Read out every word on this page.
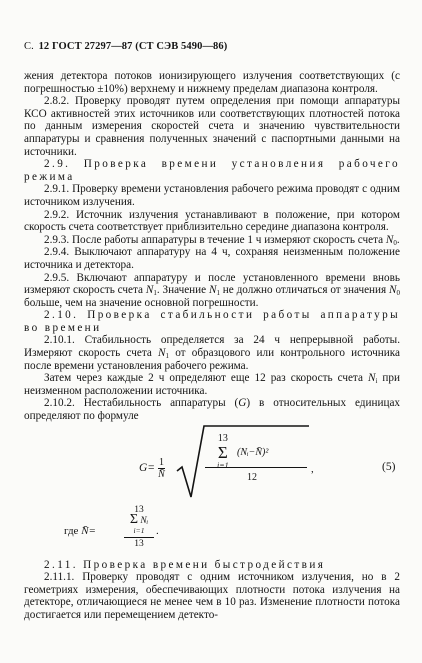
С. 12 ГОСТ 27297—87 (СТ СЭВ 5490—86)

жения детектора потоков ионизирующего излучения соответствующих (с погрешностью ±10%) верхнему и нижнему пределам диапазона контроля.

2.8.2. Проверку проводят путем определения при помощи аппаратуры КСО активностей этих источников или соответствующих плотностей потока по данным измерения скоростей счета и значению чувствительности аппаратуры и сравнения полученных значений с паспортными данными на источники.

2.9. Проверка времени установления рабочего режима

2.9.1. Проверку времени установления рабочего режима проводят с одним источником излучения.

2.9.2. Источник излучения устанавливают в положение, при котором скорость счета соответствует приблизительно середине диапазона контроля.

2.9.3. После работы аппаратуры в течение 1 ч измеряют скорость счета $N_0$.

2.9.4. Выключают аппаратуру на 4 ч, сохраняя неизменным положение источника и детектора.

2.9.5. Включают аппаратуру и после установленного времени вновь измеряют скорость счета $N_1$. Значение $N_1$ не должно отличаться от значения $N_0$ больше, чем на значение основной погрешности.

2.10. Проверка стабильности работы аппаратуры во времени

2.10.1. Стабильность определяется за 24 ч непрерывной работы. Измеряют скорость счета $N_1$ от образцового или контрольного источника после времени установления рабочего режима.

Затем через каждые 2 ч определяют еще 12 раз скорость счета $N_i$ при неизменном расположении источника.

2.10.2. Нестабильность аппаратуры (G) в относительных единицах определяют по формуле

$G= \frac{1}{N̄}$
13
Σ
i=1
(Nᵢ−N̄)²
12
,	(5)
где N̄=
13
Σ Nᵢ
i=1
13
.

2.11. Проверка времени быстродействия

2.11.1. Проверку проводят с одним источником излучения, но в 2 геометриях измерения, обеспечивающих плотности потока излучения на детекторе, отличающиеся не менее чем в 10 раз. Изменение плотности потока достигается или перемещением детекто-
